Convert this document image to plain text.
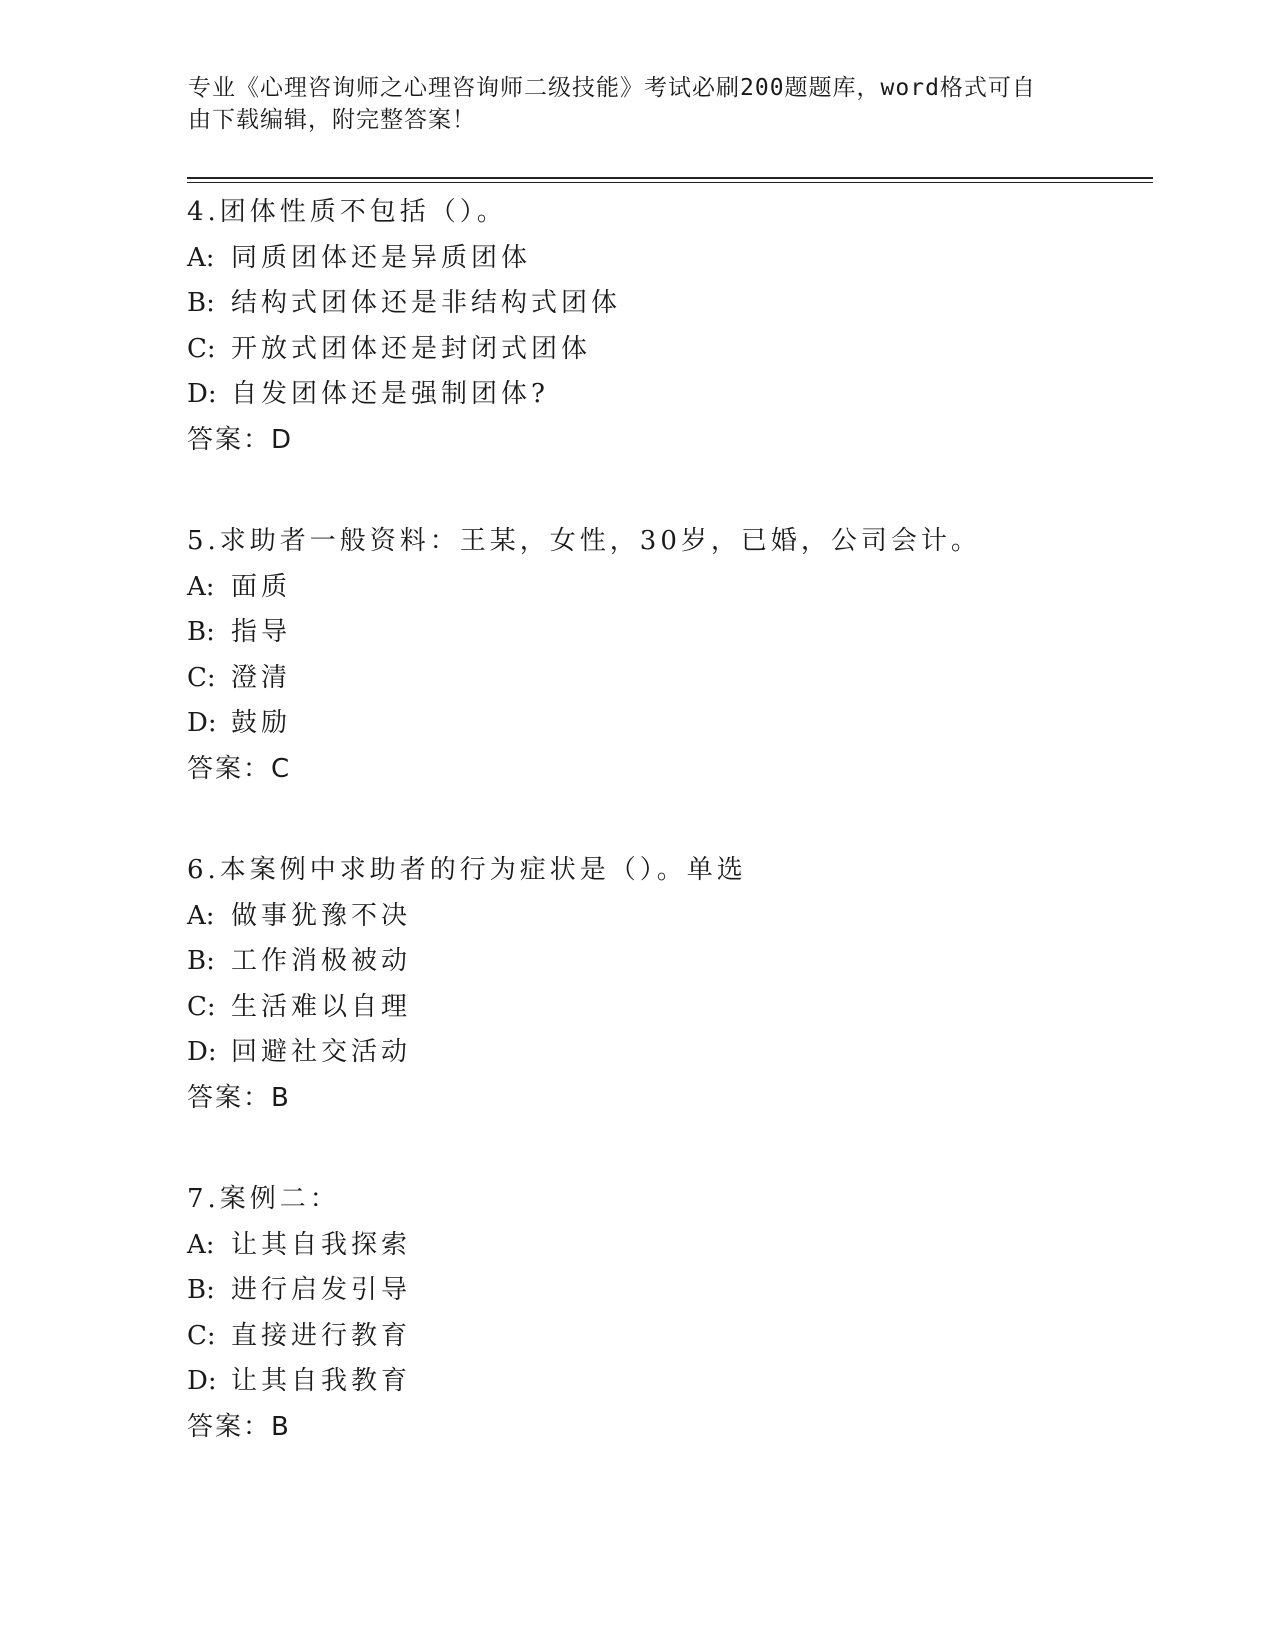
专业《心理咨询师之心理咨询师二级技能》考试必刷200题题库，word格式可自
由下载编辑，附完整答案！
4.团体性质不包括（）。
A: 同质团体还是异质团体
B: 结构式团体还是非结构式团体
C: 开放式团体还是封闭式团体
D: 自发团体还是强制团体?
答案：D
5.求助者一般资料：王某，女性，30岁，已婚，公司会计。
A: 面质
B: 指导
C: 澄清
D: 鼓励
答案：C
6.本案例中求助者的行为症状是（）。单选
A: 做事犹豫不决
B: 工作消极被动
C: 生活难以自理
D: 回避社交活动
答案：B
7.案例二：
A: 让其自我探索
B: 进行启发引导
C: 直接进行教育
D: 让其自我教育
答案：B
